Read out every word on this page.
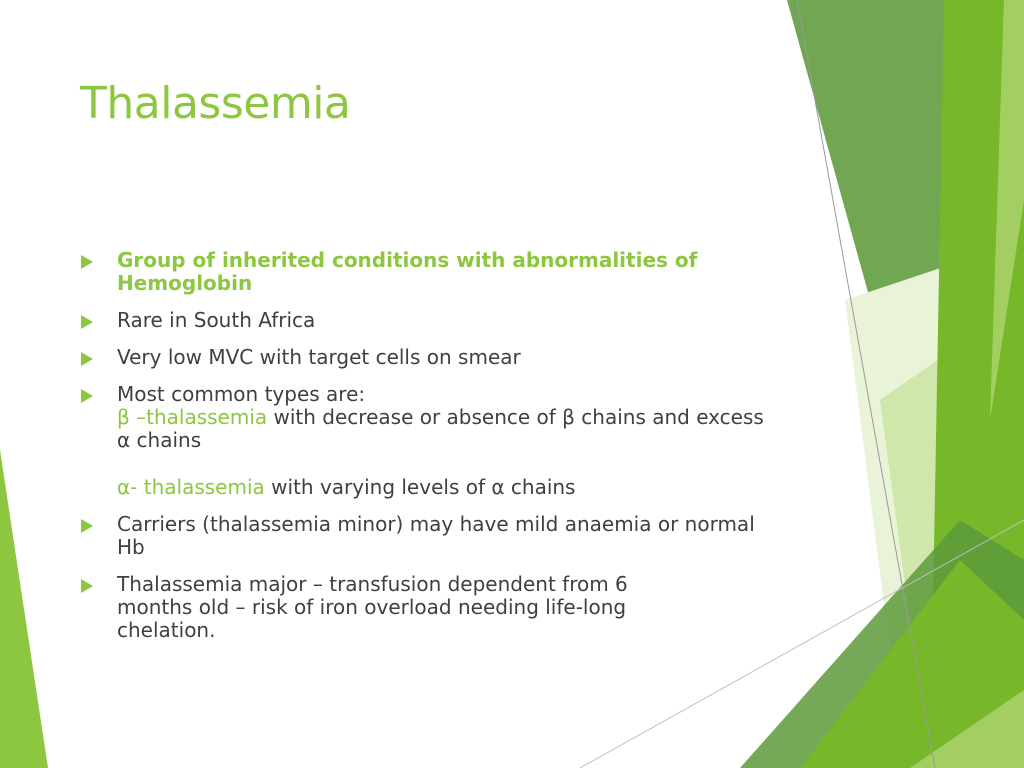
Thalassemia
Group of inherited conditions with abnormalities of Hemoglobin
Rare in South Africa
Very low MVC with target cells on smear
Most common types are:
β –thalassemia with decrease or absence of β chains and excess α chains
α- thalassemia with varying levels of α chains
Carriers (thalassemia minor) may have mild anaemia or normal Hb
Thalassemia major – transfusion dependent from 6 months old – risk of iron overload needing life-long chelation.
